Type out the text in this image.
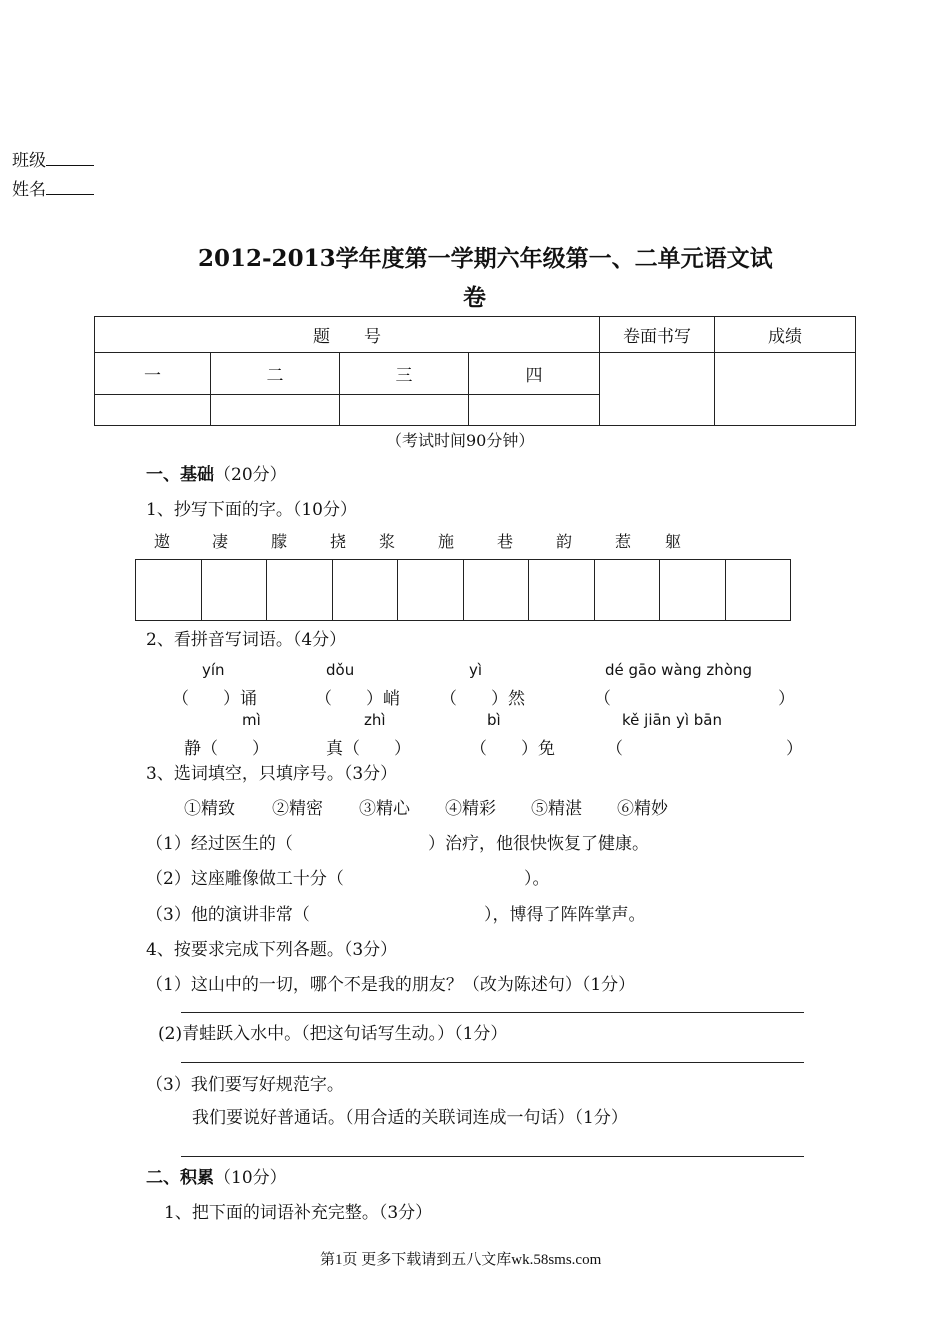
班级
姓名
2012-2013学年度第一学期六年级第一、二单元语文试
卷
题　　号				卷面书写	成绩
一	二	三	四		

（考试时间90分钟）
一、基础（20分）
1、抄写下面的字。（10分）
遨	凄	朦	挠 浆	施	巷	韵	惹 躯
2、看拼音写词语。（4分）
yín	dǒu	yì	dé gāo wàng zhòng
（　　）诵	（　　）峭 （　　）然	（	）
mì	zhì	bì	kě jiān yì bān
静（　　）	真（　　）	（　　）免	（	）
3、选词填空，只填序号。（3分）
①精致 ②精密 ③精心 ④精彩 ⑤精湛 ⑥精妙
（1）经过医生的（	）治疗，他很快恢复了健康。
（2）这座雕像做工十分（	）。
（3）他的演讲非常（	），博得了阵阵掌声。
4、按要求完成下列各题。（3分）
（1）这山中的一切，哪个不是我的朋友？（改为陈述句）（1分）
(2)青蛙跃入水中。（把这句话写生动。）（1分）
（3）我们要写好规范字。
我们要说好普通话。（用合适的关联词连成一句话）（1分）
二、积累（10分）
1、把下面的词语补充完整。（3分）
第1页 更多下载请到五八文库wk.58sms.com
